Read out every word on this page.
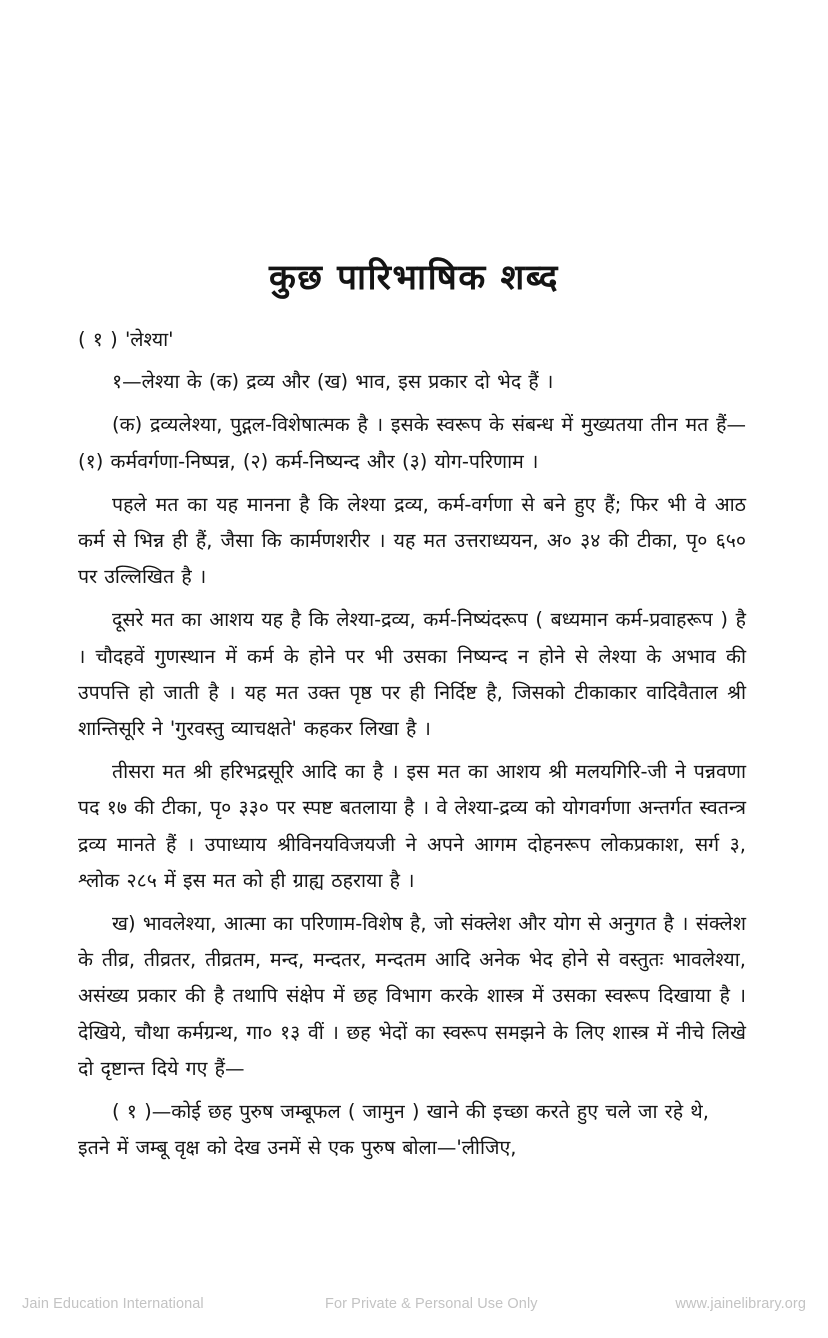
कुछ पारिभाषिक शब्द

( १ ) 'लेश्या'

१—लेश्या के (क) द्रव्य और (ख) भाव, इस प्रकार दो भेद हैं ।

(क) द्रव्यलेश्या, पुद्गल-विशेषात्मक है । इसके स्वरूप के संबन्ध में मुख्यतया तीन मत हैं—(१) कर्मवर्गणा-निष्पन्न, (२) कर्म-निष्यन्द और (३) योग-परिणाम ।

पहले मत का यह मानना है कि लेश्या द्रव्य, कर्म-वर्गणा से बने हुए हैं; फिर भी वे आठ कर्म से भिन्न ही हैं, जैसा कि कार्मणशरीर । यह मत उत्तराध्ययन, अ० ३४ की टीका, पृ० ६५० पर उल्लिखित है ।

दूसरे मत का आशय यह है कि लेश्या-द्रव्य, कर्म-निष्यंदरूप ( बध्यमान कर्म-प्रवाहरूप ) है । चौदहवें गुणस्थान में कर्म के होने पर भी उसका निष्यन्द न होने से लेश्या के अभाव की उपपत्ति हो जाती है । यह मत उक्त पृष्ठ पर ही निर्दिष्ट है, जिसको टीकाकार वादिवैताल श्री शान्तिसूरि ने 'गुरवस्तु व्याचक्षते' कहकर लिखा है ।

तीसरा मत श्री हरिभद्रसूरि आदि का है । इस मत का आशय श्री मलयगिरि-जी ने पन्नवणा पद १७ की टीका, पृ० ३३० पर स्पष्ट बतलाया है । वे लेश्या-द्रव्य को योगवर्गणा अन्तर्गत स्वतन्त्र द्रव्य मानते हैं । उपाध्याय श्रीविनयविजयजी ने अपने आगम दोहनरूप लोकप्रकाश, सर्ग ३, श्लोक २८५ में इस मत को ही ग्राह्य ठहराया है ।

ख) भावलेश्या, आत्मा का परिणाम-विशेष है, जो संक्लेश और योग से अनुगत है । संक्लेश के तीव्र, तीव्रतर, तीव्रतम, मन्द, मन्दतर, मन्दतम आदि अनेक भेद होने से वस्तुतः भावलेश्या, असंख्य प्रकार की है तथापि संक्षेप में छह विभाग करके शास्त्र में उसका स्वरूप दिखाया है । देखिये, चौथा कर्मग्रन्थ, गा० १३ वीं । छह भेदों का स्वरूप समझने के लिए शास्त्र में नीचे लिखे दो दृष्टान्त दिये गए हैं—

( १ )—कोई छह पुरुष जम्बूफल ( जामुन ) खाने की इच्छा करते हुए चले जा रहे थे, इतने में जम्बू वृक्ष को देख उनमें से एक पुरुष बोला—'लीजिए,

Jain Education International	For Private & Personal Use Only	www.jainelibrary.org
